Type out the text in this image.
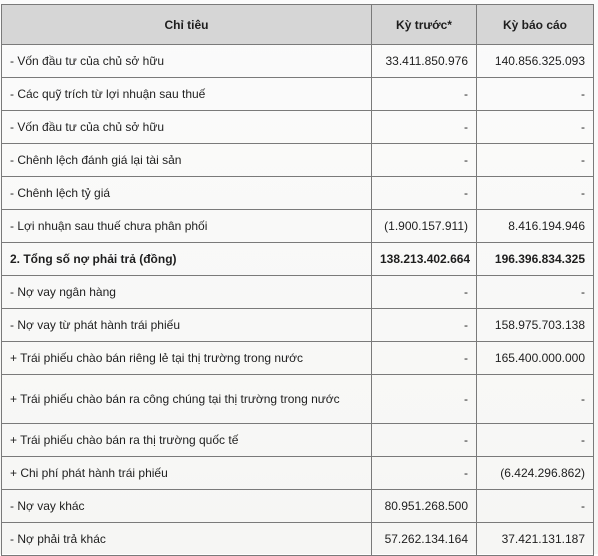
Chỉ tiêu	Kỳ trước*	Kỳ báo cáo
- Vốn đầu tư của chủ sở hữu	33.411.850.976	140.856.325.093
- Các quỹ trích từ lợi nhuận sau thuế	-	-
- Vốn đầu tư của chủ sở hữu	-	-
- Chênh lệch đánh giá lại tài sản	-	-
- Chênh lệch tỷ giá	-	-
- Lợi nhuận sau thuế chưa phân phối	(1.900.157.911)	8.416.194.946
2. Tổng số nợ phải trả (đồng)	138.213.402.664	196.396.834.325
- Nợ vay ngân hàng	-	-
- Nợ vay từ phát hành trái phiếu	-	158.975.703.138
+ Trái phiếu chào bán riêng lẻ tại thị trường trong nước	-	165.400.000.000
+ Trái phiếu chào bán ra công chúng tại thị trường trong nước	-	-
+ Trái phiếu chào bán ra thị trường quốc tế	-	-
+ Chi phí phát hành trái phiếu	-	(6.424.296.862)
- Nợ vay khác	80.951.268.500	-
- Nợ phải trả khác	57.262.134.164	37.421.131.187
